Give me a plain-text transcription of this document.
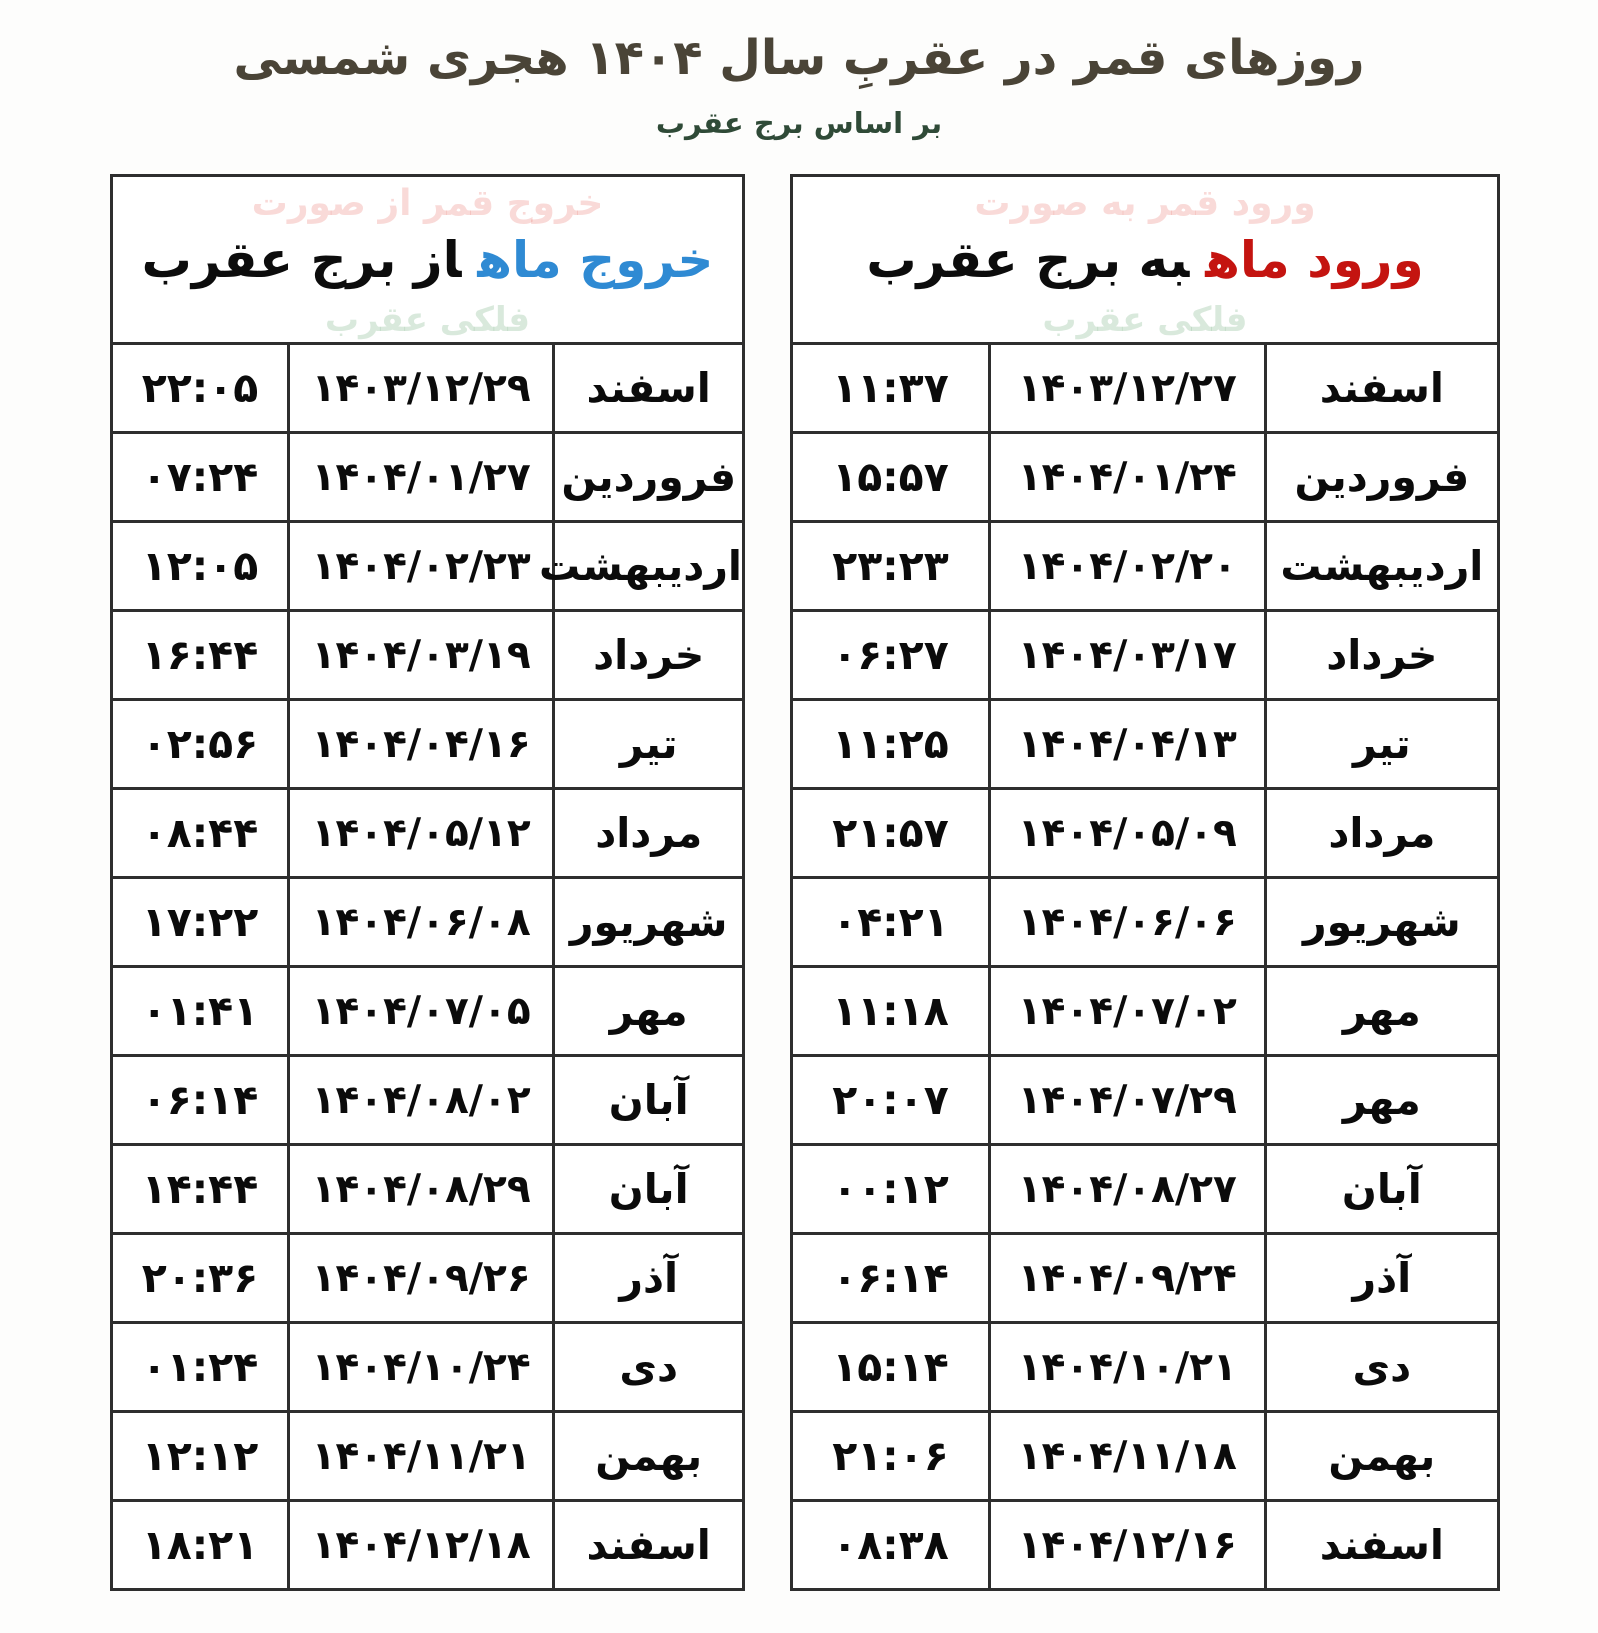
روزهای قمر در عقربِ سال ۱۴۰۴ هجری شمسی
بر اساس برج عقرب
ورود قمر به صورت
فلکی عقرب
ورود ماهبه برج عقرب		

اسفند	۱۴۰۳/۱۲/۲۷	۱۱:۳۷
فروردین	۱۴۰۴/۰۱/۲۴	۱۵:۵۷
اردیبهشت	۱۴۰۴/۰۲/۲۰	۲۳:۲۳
خرداد	۱۴۰۴/۰۳/۱۷	۰۶:۲۷
تیر	۱۴۰۴/۰۴/۱۳	۱۱:۲۵
مرداد	۱۴۰۴/۰۵/۰۹	۲۱:۵۷
شهریور	۱۴۰۴/۰۶/۰۶	۰۴:۲۱
مهر	۱۴۰۴/۰۷/۰۲	۱۱:۱۸
مهر	۱۴۰۴/۰۷/۲۹	۲۰:۰۷
آبان	۱۴۰۴/۰۸/۲۷	۰۰:۱۲
آذر	۱۴۰۴/۰۹/۲۴	۰۶:۱۴
دی	۱۴۰۴/۱۰/۲۱	۱۵:۱۴
بهمن	۱۴۰۴/۱۱/۱۸	۲۱:۰۶
اسفند	۱۴۰۴/۱۲/۱۶	۰۸:۳۸
خروج قمر از صورت
فلکی عقرب
خروج ماهاز برج عقرب		

اسفند	۱۴۰۳/۱۲/۲۹	۲۲:۰۵
فروردین	۱۴۰۴/۰۱/۲۷	۰۷:۲۴
اردیبهشت	۱۴۰۴/۰۲/۲۳	۱۲:۰۵
خرداد	۱۴۰۴/۰۳/۱۹	۱۶:۴۴
تیر	۱۴۰۴/۰۴/۱۶	۰۲:۵۶
مرداد	۱۴۰۴/۰۵/۱۲	۰۸:۴۴
شهریور	۱۴۰۴/۰۶/۰۸	۱۷:۲۲
مهر	۱۴۰۴/۰۷/۰۵	۰۱:۴۱
آبان	۱۴۰۴/۰۸/۰۲	۰۶:۱۴
آبان	۱۴۰۴/۰۸/۲۹	۱۴:۴۴
آذر	۱۴۰۴/۰۹/۲۶	۲۰:۳۶
دی	۱۴۰۴/۱۰/۲۴	۰۱:۲۴
بهمن	۱۴۰۴/۱۱/۲۱	۱۲:۱۲
اسفند	۱۴۰۴/۱۲/۱۸	۱۸:۲۱
